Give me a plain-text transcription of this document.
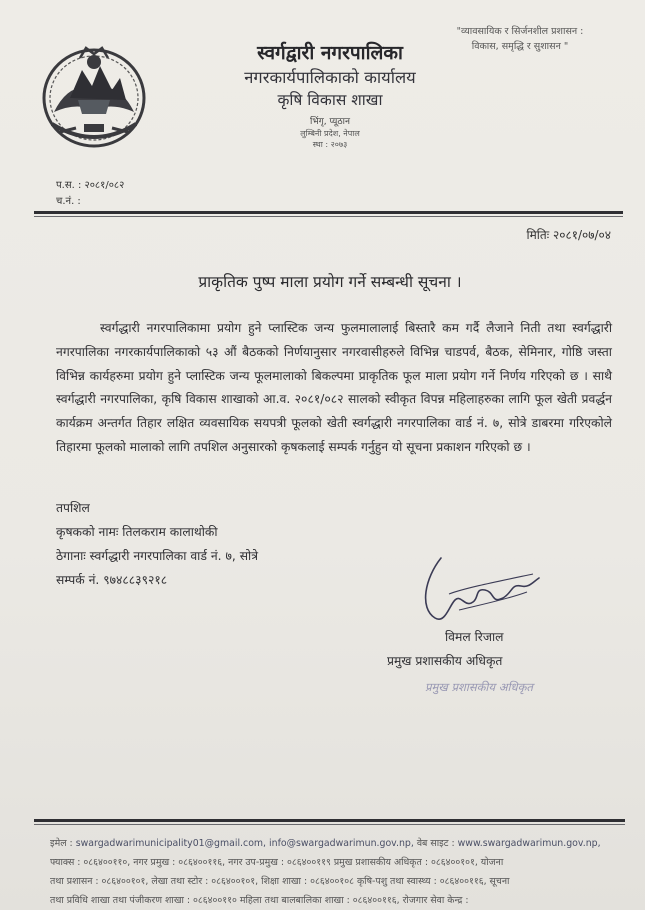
"व्यावसायिक र सिर्जनशील प्रशासन :
विकास, समृद्धि र सुशासन "
स्वर्गद्वारी नगरपालिका
नगरकार्यपालिकाको कार्यालय
कृषि विकास शाखा
भिंगृ, प्यूठान
लुम्बिनी प्रदेश, नेपाल
स्था : २०७३
प.स. : २०८१/०८२
च.नं. :
मितिः २०८१/०७/०४
प्राकृतिक पुष्प माला प्रयोग गर्ने सम्बन्धी सूचना ।
स्वर्गद्धारी नगरपालिकामा प्रयोग हुने प्लास्टिक जन्य फुलमालालाई बिस्तारै कम गर्दै लैजाने निती तथा स्वर्गद्धारी नगरपालिका नगरकार्यपालिकाको ५३ औं बैठकको निर्णयानुसार नगरवासीहरुले विभिन्न चाडपर्व, बैठक, सेमिनार, गोष्ठि जस्ता विभिन्न कार्यहरुमा प्रयोग हुने प्लास्टिक जन्य फूलमालाको बिकल्पमा प्राकृतिक फूल माला प्रयोग गर्ने निर्णय गरिएको छ । साथै स्वर्गद्धारी नगरपालिका, कृषि विकास शाखाको आ.व. २०८१/०८२ सालको स्वीकृत विपन्न महिलाहरुका लागि फूल खेती प्रवर्द्धन कार्यक्रम अन्तर्गत तिहार लक्षित व्यवसायिक सयपत्री फूलको खेती स्वर्गद्धारी नगरपालिका वार्ड नं. ७, सोत्रे डाबरमा गरिएकोले तिहारमा फूलको मालाको लागि तपशिल अनुसारको कृषकलाई सम्पर्क गर्नुहुन यो सूचना प्रकाशन गरिएको छ ।
तपशिल
कृषकको नामः तिलकराम कालाथोकी
ठेगानाः स्वर्गद्धारी नगरपालिका वार्ड नं. ७, सोत्रे
सम्पर्क नं. ९७४८८३९२१८
विमल रिजाल
प्रमुख प्रशासकीय अधिकृत
प्रमुख प्रशासकीय अधिकृत
इमेल : swargadwarimunicipality01@gmail.com, info@swargadwarimun.gov.np, वेब साइट : www.swargadwarimun.gov.np,
फ्याक्स : ०८६४००११०, नगर प्रमुख : ०८६४००११६, नगर उप-प्रमुख : ०८६४००११९ प्रमुख प्रशासकीय अधिकृत : ०८६४००१०१, योजना
तथा प्रशासन : ०८६४००१०१, लेखा तथा स्टोर : ०८६४००१०१, शिक्षा शाखा : ०८६४००१०८ कृषि-पशु तथा स्वास्थ्य : ०८६४००११६, सूचना
तथा प्रविधि शाखा तथा पंजीकरण शाखा : ०८६४००११० महिला तथा बालबालिका शाखा : ०८६४००११६, रोजगार सेवा केन्द्र :
